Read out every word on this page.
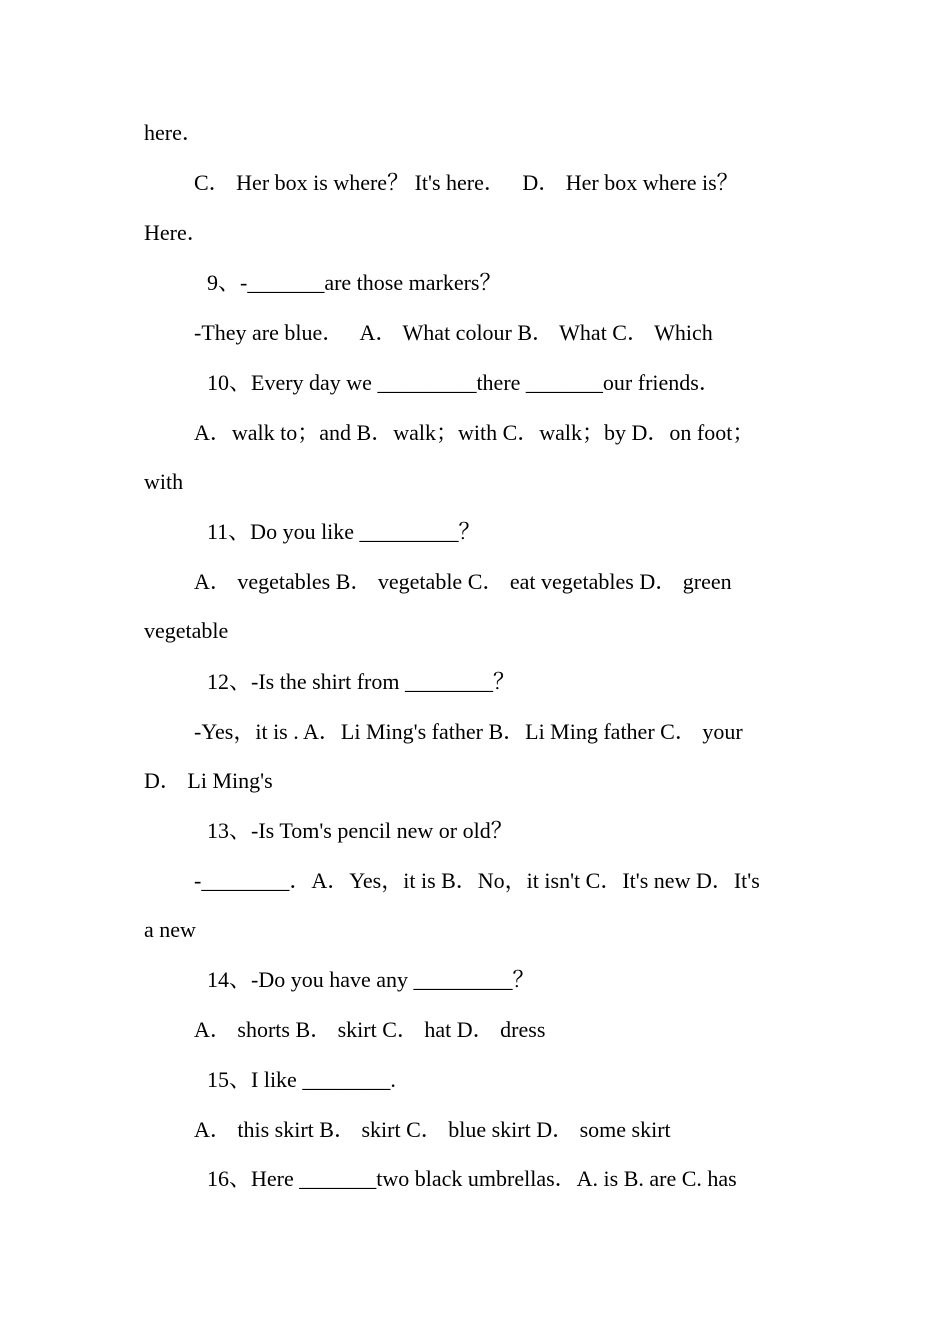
here．
C． Her box is where？ It's here．   D． Her box where is？
Here．
9、-_______are those markers？
-They are blue．   A． What colour B． What C． Which
10、Every day we _________there _______our friends．
A．walk to；and B．walk；with C．walk；by D．on foot；
with
11、Do you like _________？
A． vegetables B． vegetable C． eat vegetables D． green
vegetable
12、-Is the shirt from ________？
-Yes，it is . A．Li Ming's father B．Li Ming father C． your
D． Li Ming's
13、-Is Tom's pencil new or old？
-________．A．Yes，it is B．No，it isn't C．It's new D．It's
a new
14、-Do you have any _________？
A． shorts B． skirt C． hat D． dress
15、I like ________.
A． this skirt B． skirt C． blue skirt D． some skirt
16、Here _______two black umbrellas．A. is B. are C. has
